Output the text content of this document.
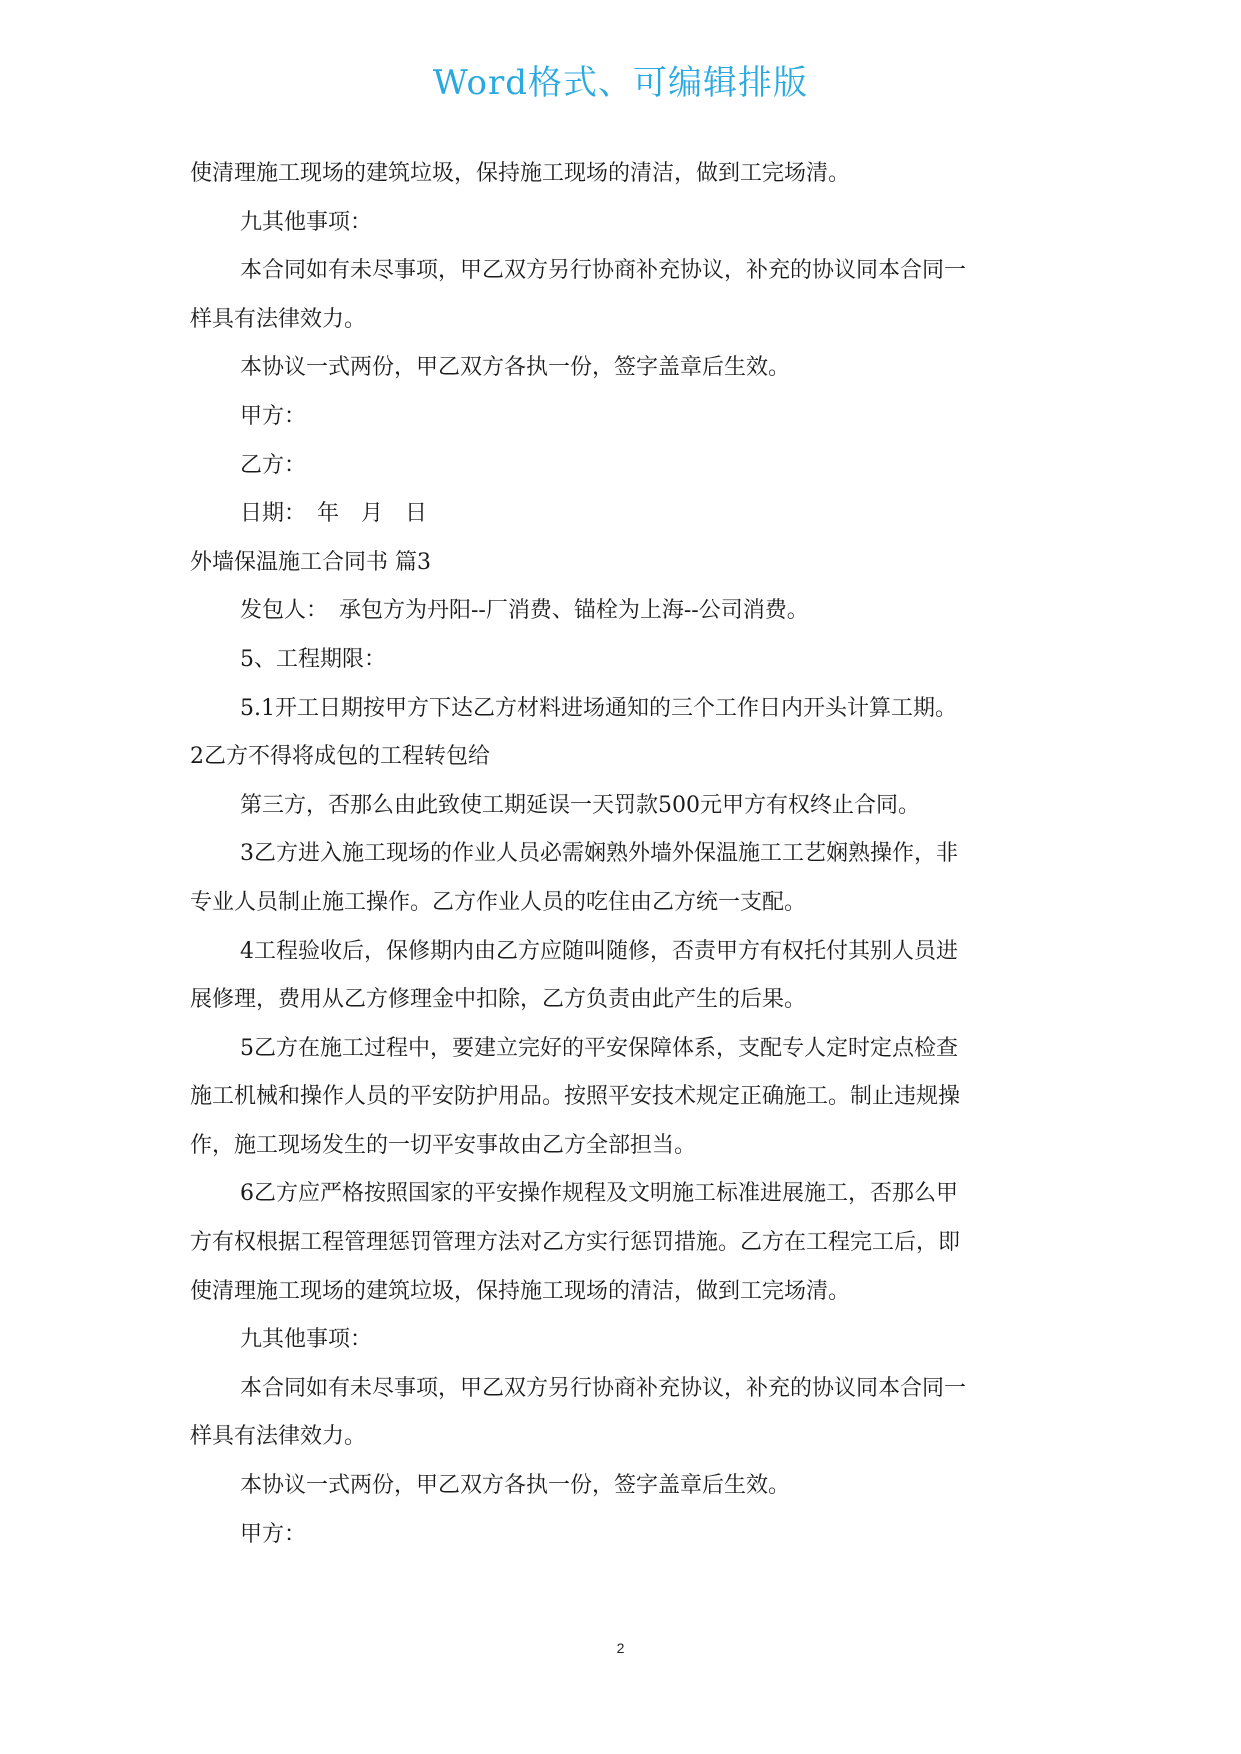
Word格式、可编辑排版

使清理施工现场的建筑垃圾，保持施工现场的清洁，做到工完场清。

九其他事项：

本合同如有未尽事项，甲乙双方另行协商补充协议，补充的协议同本合同一

样具有法律效力。

本协议一式两份，甲乙双方各执一份，签字盖章后生效。

甲方：

乙方：

日期：　年　月　日

外墙保温施工合同书 篇3

发包人：　承包方为丹阳--厂消费、锚栓为上海--公司消费。

5、工程期限：

5.1开工日期按甲方下达乙方材料进场通知的三个工作日内开头计算工期。

2乙方不得将成包的工程转包给

第三方，否那么由此致使工期延误一天罚款500元甲方有权终止合同。

3乙方进入施工现场的作业人员必需娴熟外墙外保温施工工艺娴熟操作，非

专业人员制止施工操作。乙方作业人员的吃住由乙方统一支配。

4工程验收后，保修期内由乙方应随叫随修，否责甲方有权托付其别人员进

展修理，费用从乙方修理金中扣除，乙方负责由此产生的后果。

5乙方在施工过程中，要建立完好的平安保障体系，支配专人定时定点检查

施工机械和操作人员的平安防护用品。按照平安技术规定正确施工。制止违规操

作，施工现场发生的一切平安事故由乙方全部担当。

6乙方应严格按照国家的平安操作规程及文明施工标准进展施工，否那么甲

方有权根据工程管理惩罚管理方法对乙方实行惩罚措施。乙方在工程完工后，即

使清理施工现场的建筑垃圾，保持施工现场的清洁，做到工完场清。

九其他事项：

本合同如有未尽事项，甲乙双方另行协商补充协议，补充的协议同本合同一

样具有法律效力。

本协议一式两份，甲乙双方各执一份，签字盖章后生效。

甲方：

2
